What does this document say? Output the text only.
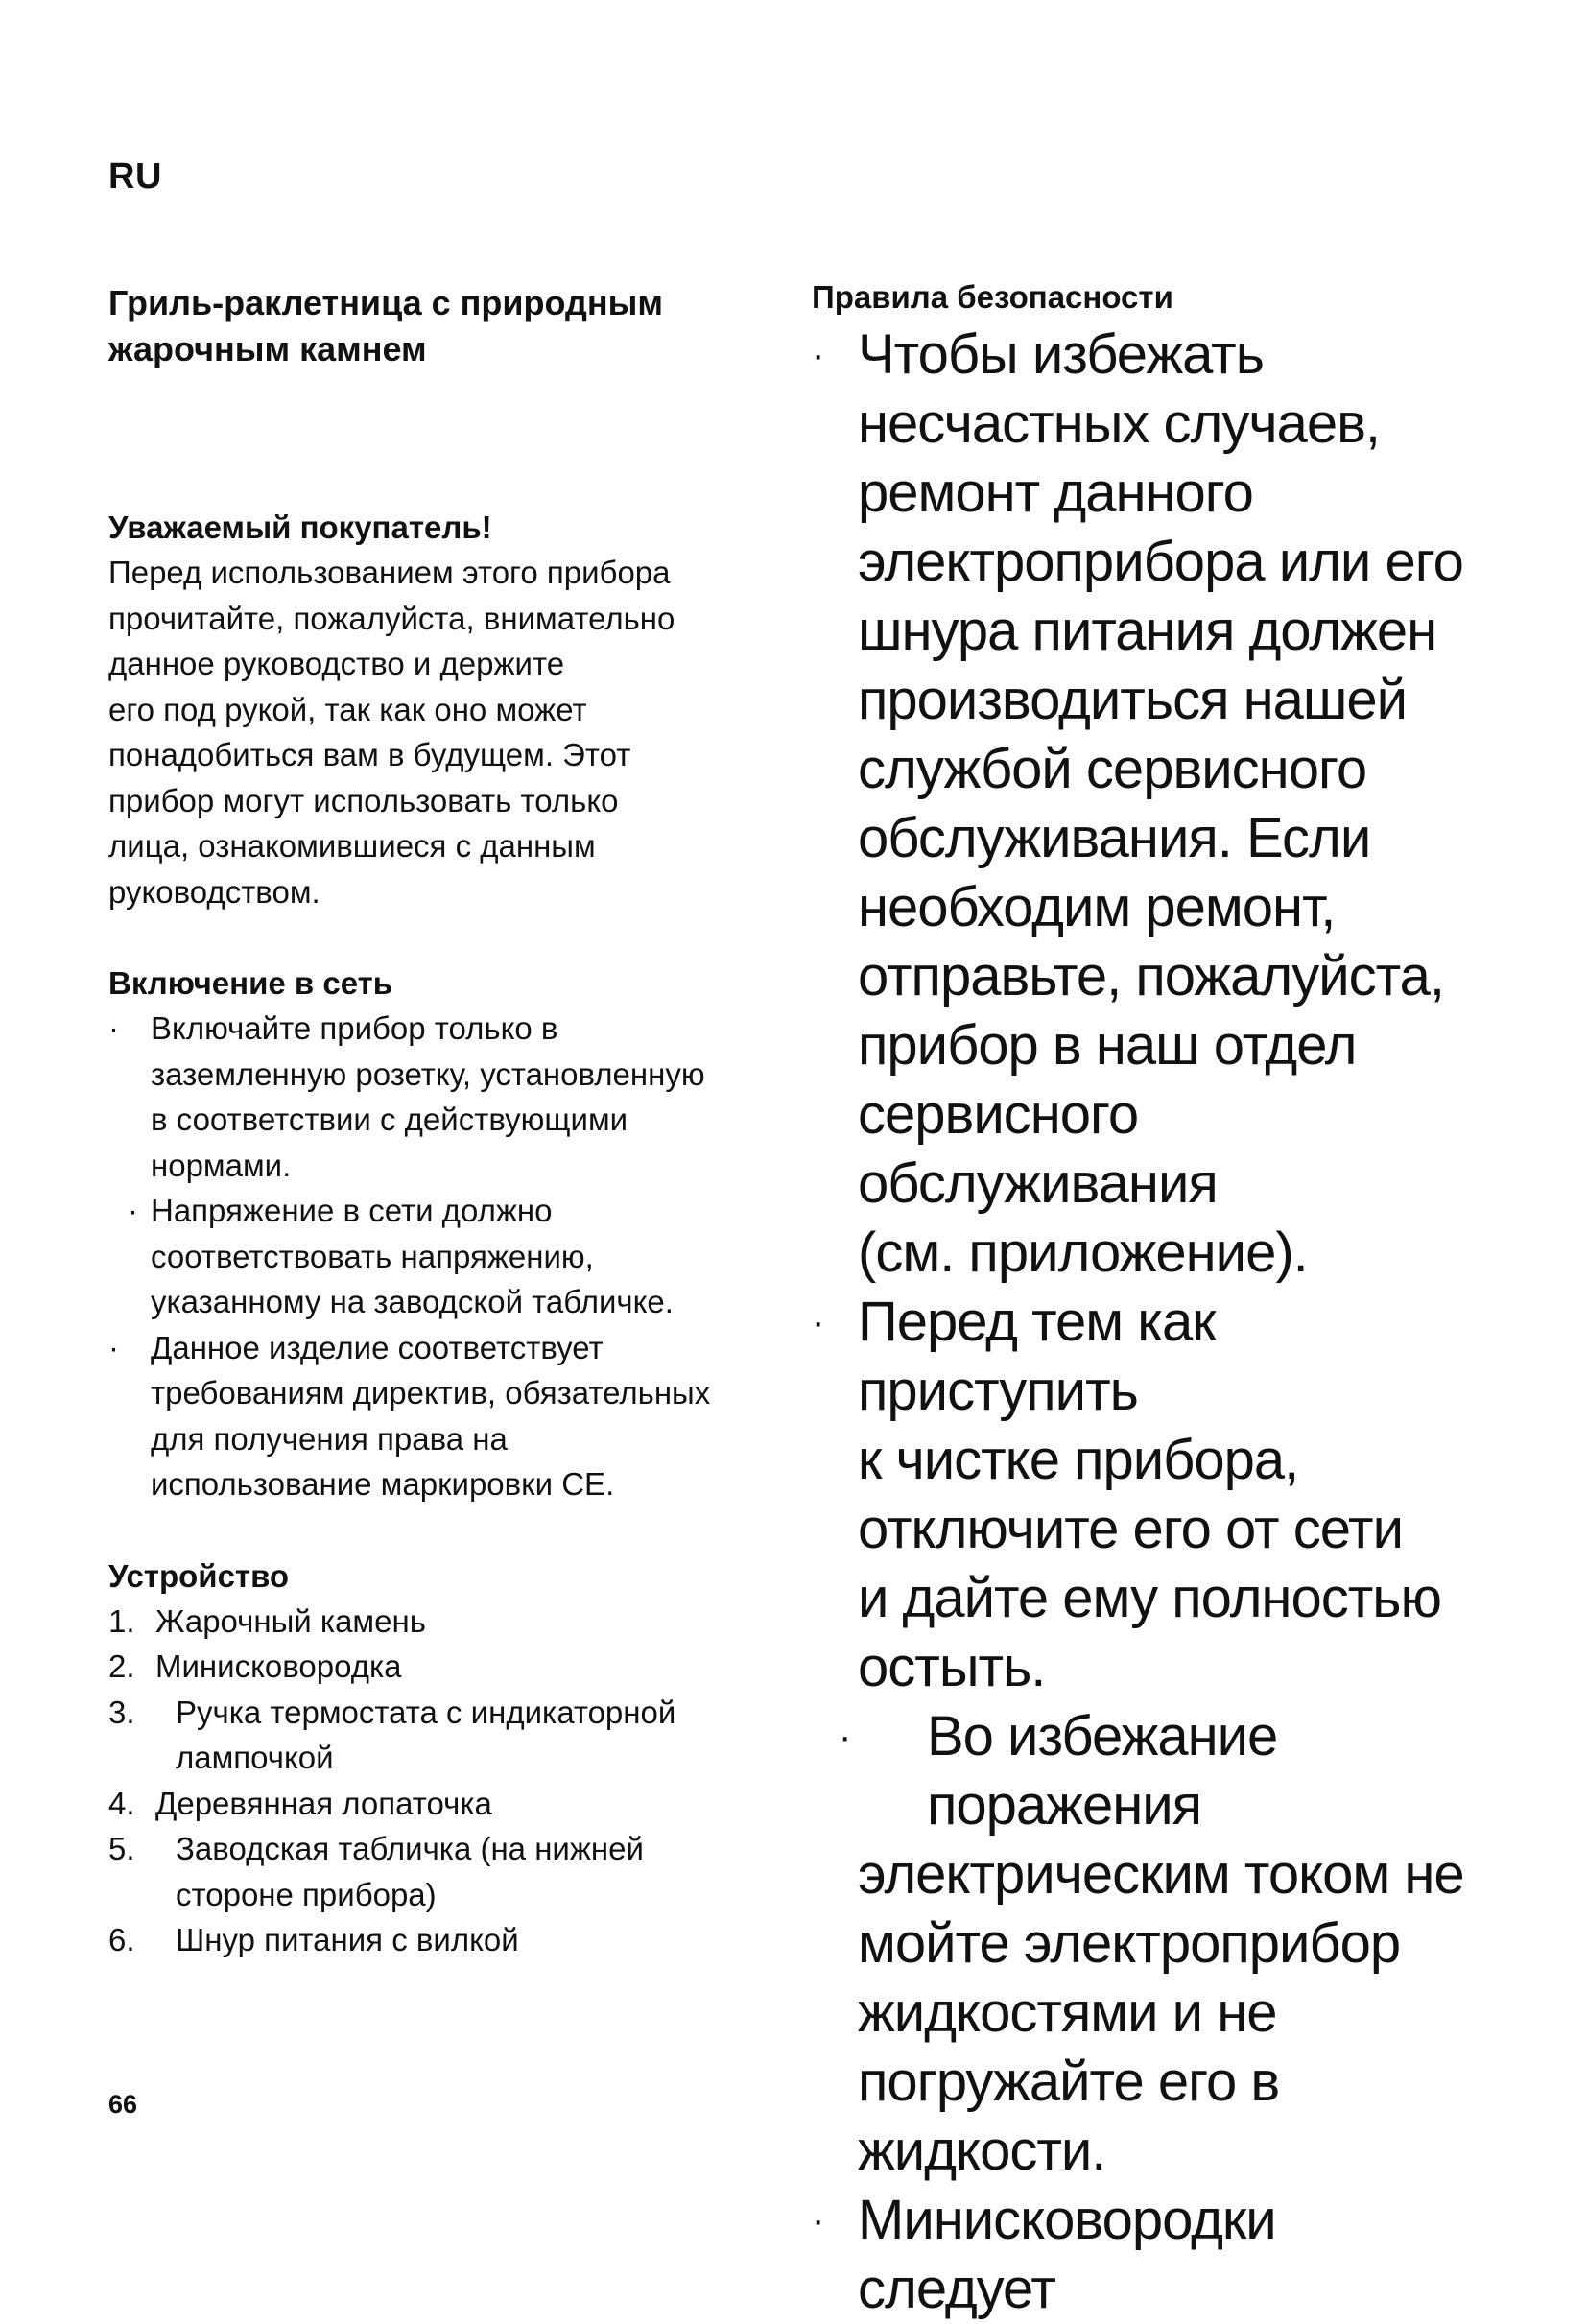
RU
Гриль-раклетница с природным
жарочным камнем
Уважаемый покупатель!
Перед использованием этого прибора
прочитайте, пожалуйста, внимательно
данное руководство и держите
его под рукой, так как оно может
понадобиться вам в будущем. Этот
прибор могут использовать только
лица, ознакомившиеся с данным
руководством.
Включение в сеть
·	Включайте прибор только в
заземленную розетку, установленную
в соответствии с действующими
нормами.
· Напряжение в сети должно
соответствовать напряжению,
указанному на заводской табличке.
·	Данное изделие соответствует
требованиям директив, обязательных
для получения права на
использование маркировки CE.
Устройство
1. Жарочный камень
2. Минисковородка
3. Ручка термостата с индикаторной
лампочкой
4. Деревянная лопаточка
5. Заводская табличка (на нижней
стороне прибора)
6. Шнур питания с вилкой
Правила безопасности
· Чтобы избежать
несчастных случаев,
ремонт данного
электроприбора или его
шнура питания должен
производиться нашей
службой сервисного
обслуживания. Если
необходим ремонт,
отправьте, пожалуйста,
прибор в наш отдел
сервисного обслуживания
(см. приложение).
· Перед тем как приступить
к чистке прибора,
отключите его от сети
и дайте ему полностью
остыть.
·	Во избежание поражения
электрическим током не
мойте электроприбор
жидкостями и не
погружайте его в
жидкости.
· Минисковородки следует
66
